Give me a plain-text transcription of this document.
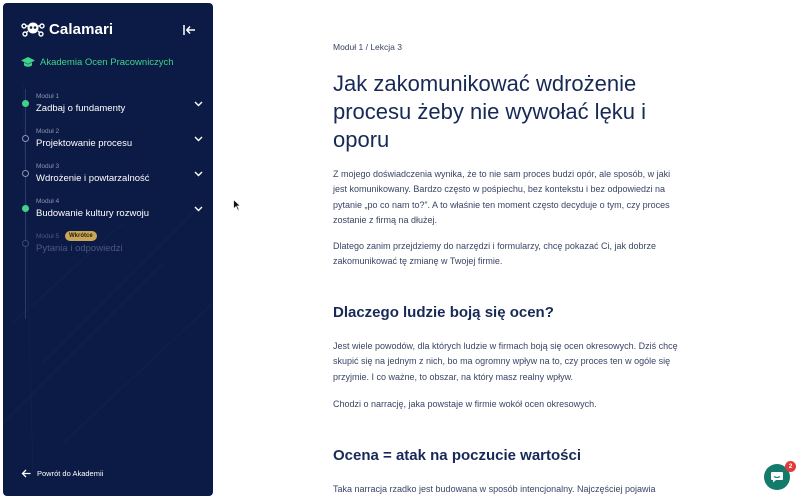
Calamari
Akademia Ocen Pracowniczych
Moduł 1
Zadbaj o fundamenty
Moduł 2
Projektowanie procesu
Moduł 3
Wdrożenie i powtarzalność
Moduł 4
Budowanie kultury rozwoju
Moduł 5	Wkrótce
Pytania i odpowiedzi
Powrót do Akademii
Moduł 1 / Lekcja 3
Jak zakomunikować wdrożenie procesu żeby nie wywołać lęku i oporu

Z mojego doświadczenia wynika, że to nie sam proces budzi opór, ale sposób, w jaki jest komunikowany. Bardzo często w pośpiechu, bez kontekstu i bez odpowiedzi na pytanie „po co nam to?”. A to właśnie ten moment często decyduje o tym, czy proces zostanie z firmą na dłużej.

Dlatego zanim przejdziemy do narzędzi i formularzy, chcę pokazać Ci, jak dobrze zakomunikować tę zmianę w Twojej firmie.

Dlaczego ludzie boją się ocen?

Jest wiele powodów, dla których ludzie w firmach boją się ocen okresowych. Dziś chcę skupić się na jednym z nich, bo ma ogromny wpływ na to, czy proces ten w ogóle się przyjmie. I co ważne, to obszar, na który masz realny wpływ.

Chodzi o narrację, jaka powstaje w firmie wokół ocen okresowych.

Ocena = atak na poczucie wartości

Taka narracja rzadko jest budowana w sposób intencjonalny. Najczęściej pojawia

2
